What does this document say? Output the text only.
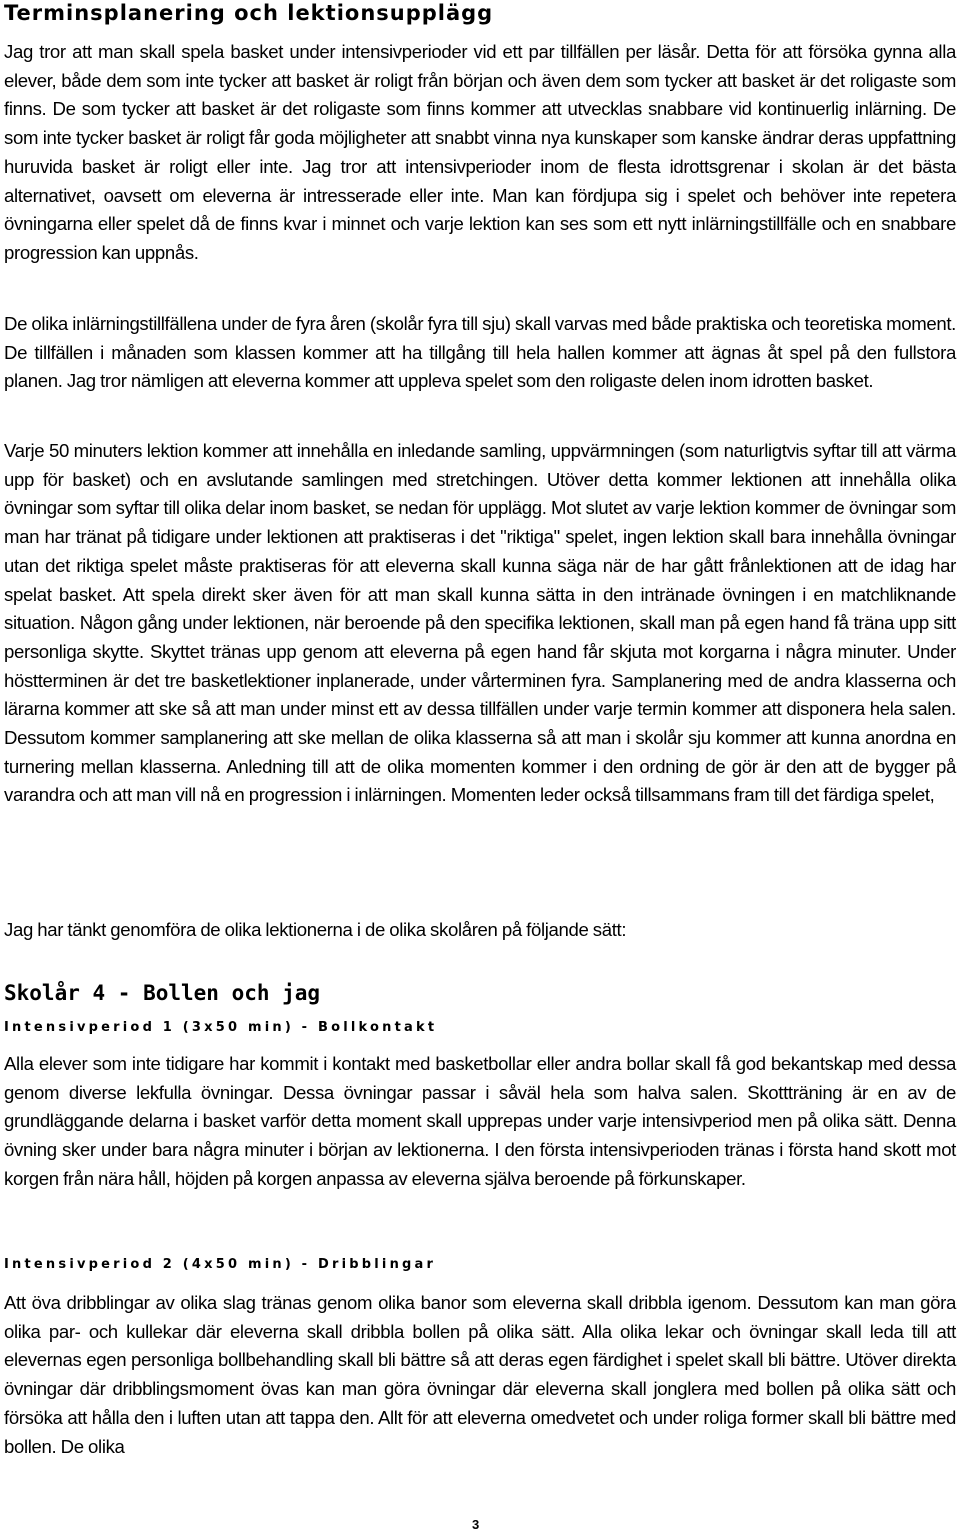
Terminsplanering och lektionsupplägg

Jag tror att man skall spela basket under intensivperioder vid ett par tillfällen per läsår. Detta för att försöka gynna alla elever, både dem som inte tycker att basket är roligt från början och även dem som tycker att basket är det roligaste som finns. De som tycker att basket är det roligaste som finns kommer att utvecklas snabbare vid kontinuerlig inlärning. De som inte tycker basket är roligt får goda möjligheter att snabbt vinna nya kunskaper som kanske ändrar deras uppfattning huruvida basket är roligt eller inte. Jag tror att intensivperioder inom de flesta idrottsgrenar i skolan är det bästa alternativet, oavsett om eleverna är intresserade eller inte. Man kan fördjupa sig i spelet och behöver inte repetera övningarna eller spelet då de finns kvar i minnet och varje lektion kan ses som ett nytt inlärningstillfälle och en snabbare progression kan uppnås.

De olika inlärningstillfällena under de fyra åren (skolår fyra till sju) skall varvas med både praktiska och teoretiska moment. De tillfällen i månaden som klassen kommer att ha tillgång till hela hallen kommer att ägnas åt spel på den fullstora planen. Jag tror nämligen att eleverna kommer att uppleva spelet som den roligaste delen inom idrotten basket.

Varje 50 minuters lektion kommer att innehålla en inledande samling, uppvärmningen (som naturligtvis syftar till att värma upp för basket) och en avslutande samlingen med stretchingen. Utöver detta kommer lektionen att innehålla olika övningar som syftar till olika delar inom basket, se nedan för upplägg. Mot slutet av varje lektion kommer de övningar som man har tränat på tidigare under lektionen att praktiseras i det "riktiga" spelet, ingen lektion skall bara innehålla övningar utan det riktiga spelet måste praktiseras för att eleverna skall kunna säga när de har gått frånlektionen att de idag har spelat basket. Att spela direkt sker även för att man skall kunna sätta in den intränade övningen i en matchliknande situation. Någon gång under lektionen, när beroende på den specifika lektionen, skall man på egen hand få träna upp sitt personliga skytte. Skyttet tränas upp genom att eleverna på egen hand får skjuta mot korgarna i några minuter. Under höstterminen är det tre basketlektioner inplanerade, under vårterminen fyra. Samplanering med de andra klasserna och lärarna kommer att ske så att man under minst ett av dessa tillfällen under varje termin kommer att disponera hela salen. Dessutom kommer samplanering att ske mellan de olika klasserna så att man i skolår sju kommer att kunna anordna en turnering mellan klasserna. Anledning till att de olika momenten kommer i den ordning de gör är den att de bygger på varandra och att man vill nå en progression i inlärningen. Momenten leder också tillsammans fram till det färdiga spelet,

Jag har tänkt genomföra de olika lektionerna i de olika skolåren på följande sätt:

Skolår 4 - Bollen och jag
Intensivperiod 1 (3x50 min) - Bollkontakt

Alla elever som inte tidigare har kommit i kontakt med basketbollar eller andra bollar skall få god bekantskap med dessa genom diverse lekfulla övningar. Dessa övningar passar i såväl hela som halva salen. Skottträning är en av de grundläggande delarna i basket varför detta moment skall upprepas under varje intensivperiod men på olika sätt. Denna övning sker under bara några minuter i början av lektionerna. I den första intensivperioden tränas i första hand skott mot korgen från nära håll, höjden på korgen anpassa av eleverna själva beroende på förkunskaper.

Intensivperiod 2 (4x50 min) - Dribblingar

Att öva dribblingar av olika slag tränas genom olika banor som eleverna skall dribbla igenom. Dessutom kan man göra olika par- och kullekar där eleverna skall dribbla bollen på olika sätt. Alla olika lekar och övningar skall leda till att elevernas egen personliga bollbehandling skall bli bättre så att deras egen färdighet i spelet skall bli bättre. Utöver direkta övningar där dribblingsmoment övas kan man göra övningar där eleverna skall jonglera med bollen på olika sätt och försöka att hålla den i luften utan att tappa den. Allt för att eleverna omedvetet och under roliga former skall bli bättre med bollen. De olika

3
